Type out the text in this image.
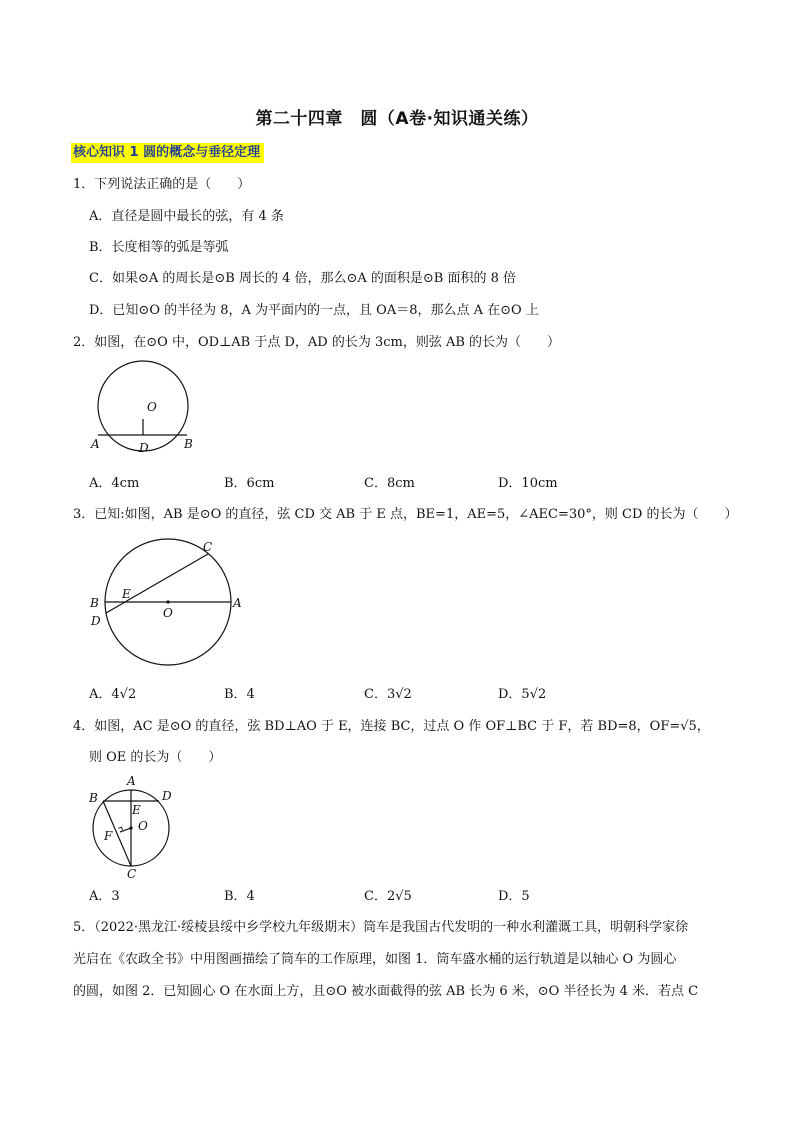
第二十四章　圆（A卷·知识通关练）
核心知识 1 圆的概念与垂径定理
1．下列说法正确的是（　　）
A．直径是圆中最长的弦，有 4 条
B．长度相等的弧是等弧
C．如果⊙A 的周长是⊙B 周长的 4 倍，那么⊙A 的面积是⊙B 面积的 8 倍
D．已知⊙O 的半径为 8，A 为平面内的一点，且 OA＝8，那么点 A 在⊙O 上
2．如图，在⊙O 中，OD⊥AB 于点 D，AD 的长为 3cm，则弦 AB 的长为（　　）
O
A	D	B
A．4cm	B．6cm	C．8cm	D．10cm
3．已知:如图，AB 是⊙O 的直径，弦 CD 交 AB 于 E 点，BE=1，AE=5，∠AEC=30°，则 CD 的长为（　　）
C
B
E
O
A
D
A．4√2	B．4	C．3√2	D．5√2
4．如图，AC 是⊙O 的直径，弦 BD⊥AO 于 E，连接 BC，过点 O 作 OF⊥BC 于 F，若 BD=8，OF=√5，
则 OE 的长为（　　）
A
B	D
E
O
F
C
A．3	B．4	C．2√5	D．5
5．（2022·黑龙江·绥棱县绥中乡学校九年级期末）筒车是我国古代发明的一种水利灌溉工具，明朝科学家徐
光启在《农政全书》中用图画描绘了筒车的工作原理，如图 1．筒车盛水桶的运行轨道是以轴心 O 为圆心
的圆，如图 2．已知圆心 O 在水面上方，且⊙O 被水面截得的弦 AB 长为 6 米，⊙O 半径长为 4 米．若点 C
